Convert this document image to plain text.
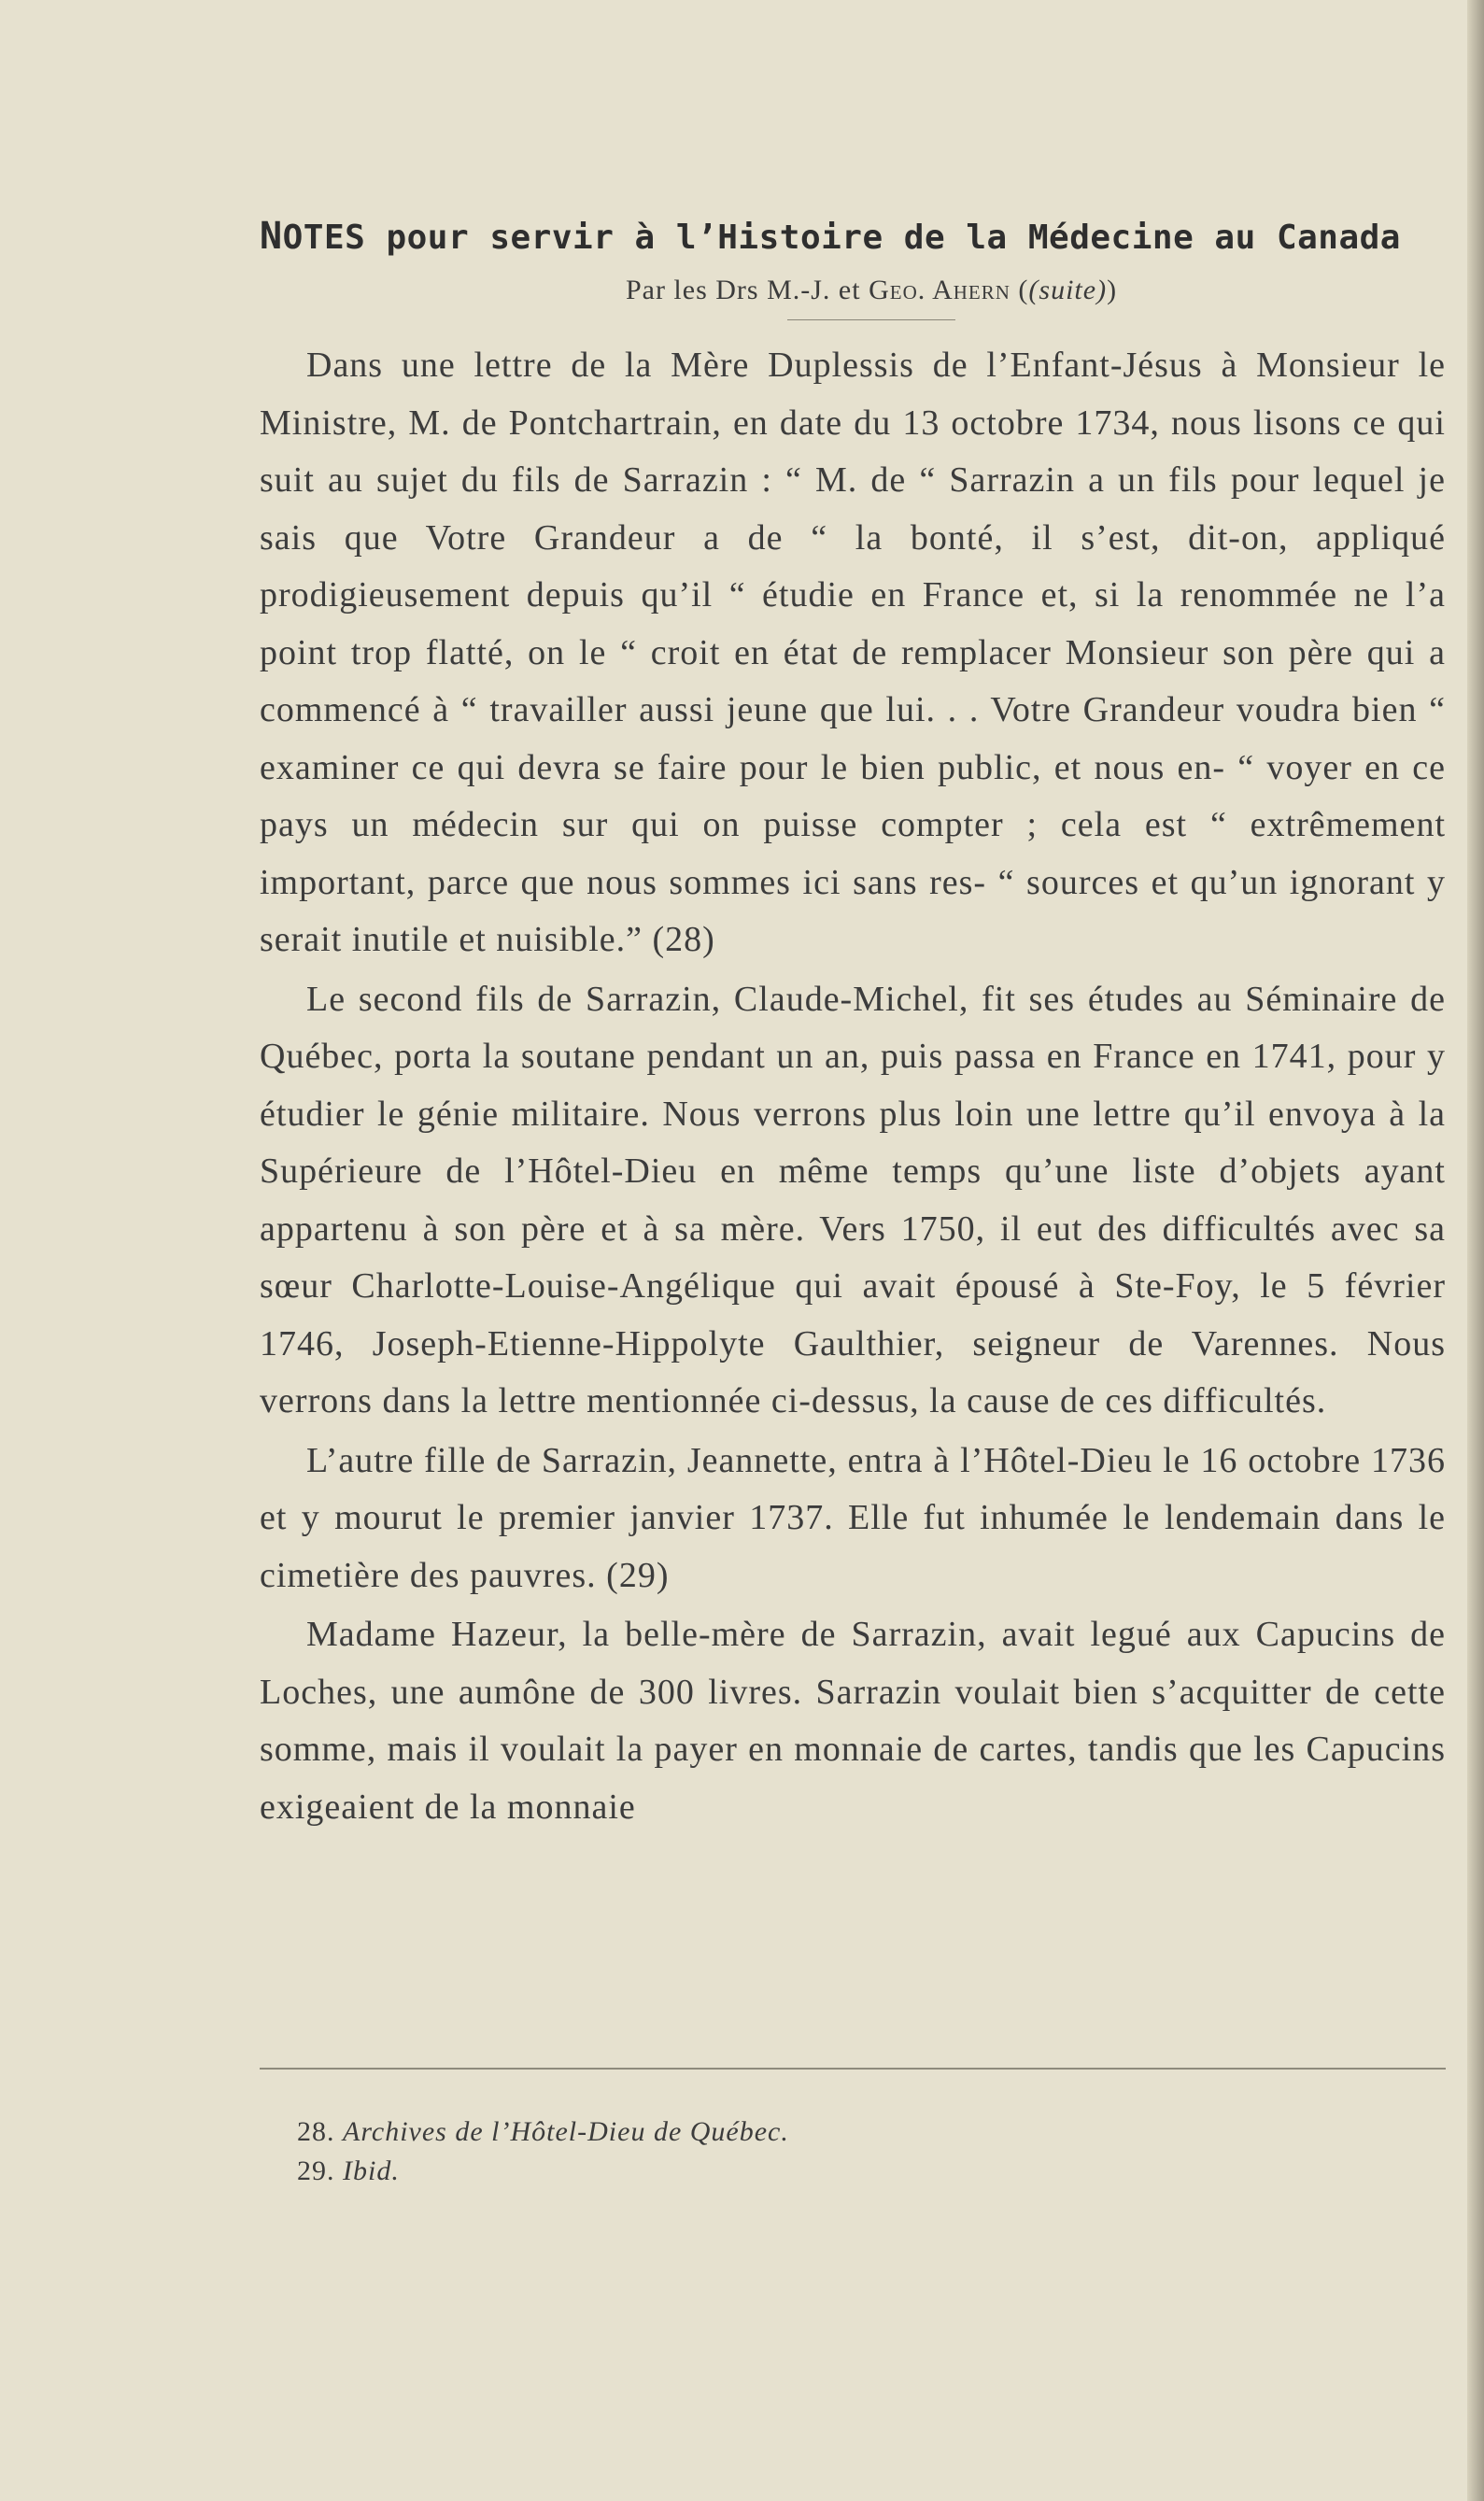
NOTES pour servir à l’Histoire de la Médecine au Canada
Par les Drs M.-J. et Geo. Ahern ((suite))

Dans une lettre de la Mère Duplessis de l’Enfant-Jésus à Monsieur le Ministre, M. de Pontchartrain, en date du 13 octobre 1734, nous lisons ce qui suit au sujet du fils de Sarrazin : “ M. de “ Sarrazin a un fils pour lequel je sais que Votre Grandeur a de “ la bonté, il s’est, dit-on, appliqué prodigieusement depuis qu’il “ étudie en France et, si la renommée ne l’a point trop flatté, on le “ croit en état de remplacer Monsieur son père qui a commencé à “ travailler aussi jeune que lui. . . Votre Grandeur voudra bien “ examiner ce qui devra se faire pour le bien public, et nous en- “ voyer en ce pays un médecin sur qui on puisse compter ; cela est “ extrêmement important, parce que nous sommes ici sans res- “ sources et qu’un ignorant y serait inutile et nuisible.” (28)

Le second fils de Sarrazin, Claude-Michel, fit ses études au Séminaire de Québec, porta la soutane pendant un an, puis passa en France en 1741, pour y étudier le génie militaire. Nous verrons plus loin une lettre qu’il envoya à la Supérieure de l’Hôtel-Dieu en même temps qu’une liste d’objets ayant appartenu à son père et à sa mère. Vers 1750, il eut des difficultés avec sa sœur Charlotte-Louise-Angélique qui avait épousé à Ste-Foy, le 5 février 1746, Joseph-Etienne-Hippolyte Gaulthier, seigneur de Varennes. Nous verrons dans la lettre mentionnée ci-dessus, la cause de ces difficultés.

L’autre fille de Sarrazin, Jeannette, entra à l’Hôtel-Dieu le 16 octobre 1736 et y mourut le premier janvier 1737. Elle fut inhumée le lendemain dans le cimetière des pauvres. (29)

Madame Hazeur, la belle-mère de Sarrazin, avait legué aux Capucins de Loches, une aumône de 300 livres. Sarrazin voulait bien s’acquitter de cette somme, mais il voulait la payer en monnaie de cartes, tandis que les Capucins exigeaient de la monnaie

28. Archives de l’Hôtel-Dieu de Québec.
29. Ibid.
